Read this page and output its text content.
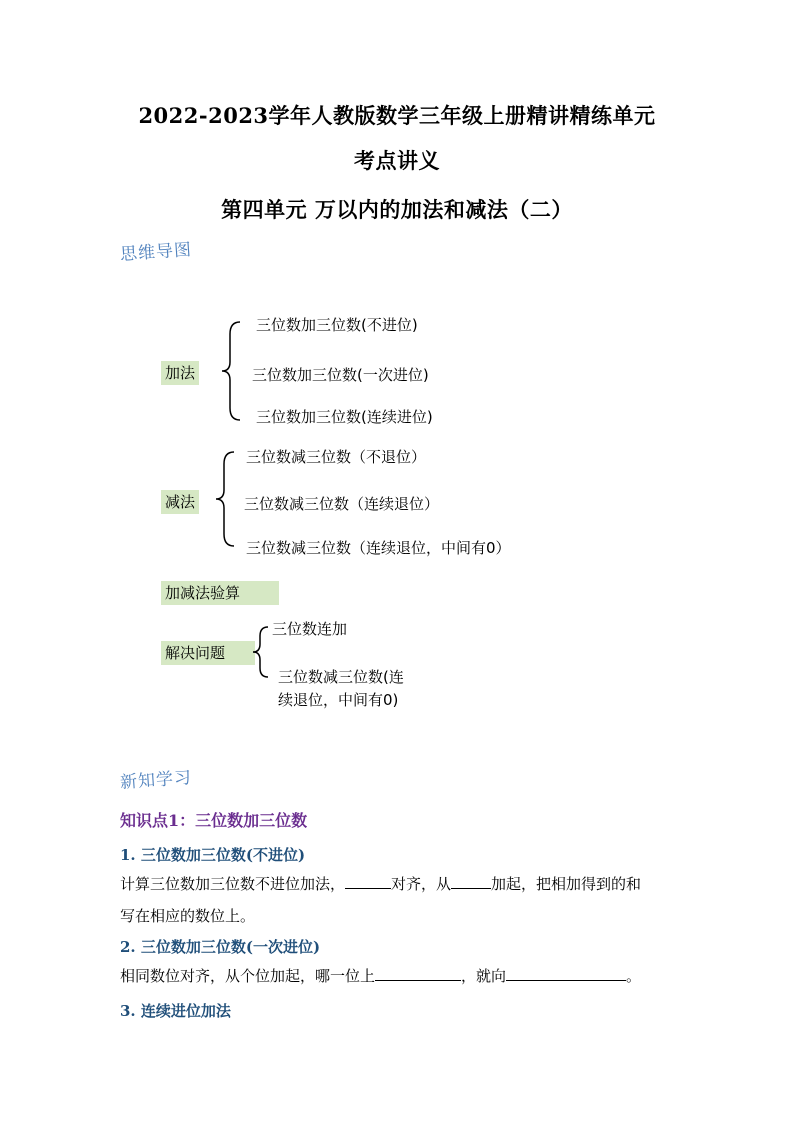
2022-2023学年人教版数学三年级上册精讲精练单元
考点讲义
第四单元 万以内的加法和减法（二）
思维导图
加法
三位数加三位数(不进位)
三位数加三位数(一次进位)
三位数加三位数(连续进位)
减法
三位数减三位数（不退位）
三位数减三位数（连续退位）
三位数减三位数（连续退位，中间有0）
加减法验算
解决问题
三位数连加
三位数减三位数(连
续退位，中间有0)
新知学习
知识点1：三位数加三位数
1. 三位数加三位数(不进位)
计算三位数加三位数不进位加法，	对齐，从	加起，把相加得到的和
写在相应的数位上。
2. 三位数加三位数(一次进位)
相同数位对齐，从个位加起，哪一位上	，就向	。
3. 连续进位加法
